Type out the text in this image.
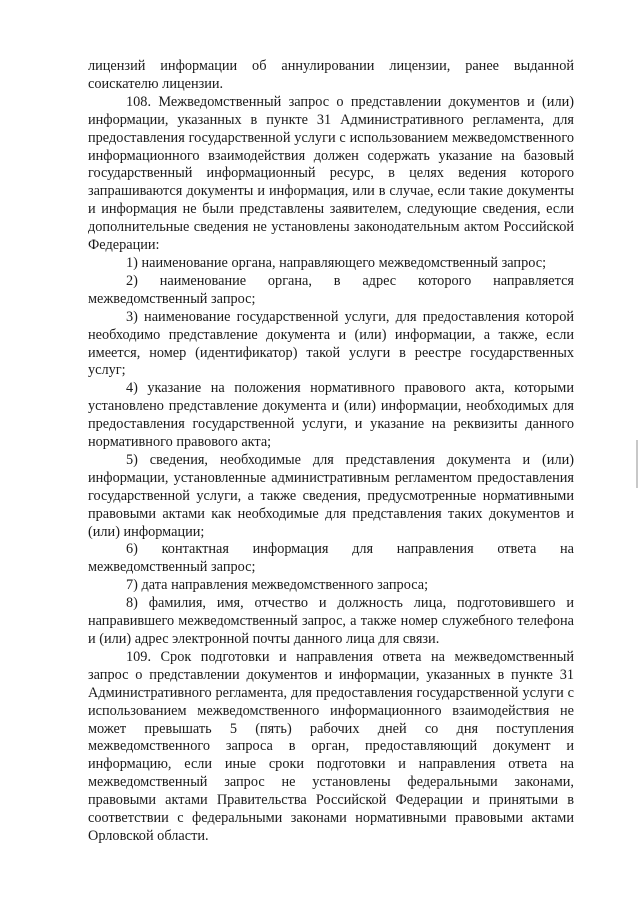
лицензий информации об аннулировании лицензии, ранее выданной соискателю лицензии.

108. Межведомственный запрос о представлении документов и (или) информации, указанных в пункте 31 Административного регламента, для предоставления государственной услуги с использованием межведомственного информационного взаимодействия должен содержать указание на базовый государственный информационный ресурс, в целях ведения которого запрашиваются документы и информация, или в случае, если такие документы и информация не были представлены заявителем, следующие сведения, если дополнительные сведения не установлены законодательным актом Российской Федерации:

1) наименование органа, направляющего межведомственный запрос;

2) наименование органа, в адрес которого направляется межведомственный запрос;

3) наименование государственной услуги, для предоставления которой необходимо представление документа и (или) информации, а также, если имеется, номер (идентификатор) такой услуги в реестре государственных услуг;

4) указание на положения нормативного правового акта, которыми установлено представление документа и (или) информации, необходимых для предоставления государственной услуги, и указание на реквизиты данного нормативного правового акта;

5) сведения, необходимые для представления документа и (или) информации, установленные административным регламентом предоставления государственной услуги, а также сведения, предусмотренные нормативными правовыми актами как необходимые для представления таких документов и (или) информации;

6) контактная информация для направления ответа на межведомственный запрос;

7) дата направления межведомственного запроса;

8) фамилия, имя, отчество и должность лица, подготовившего и направившего межведомственный запрос, а также номер служебного телефона и (или) адрес электронной почты данного лица для связи.

109. Срок подготовки и направления ответа на межведомственный запрос о представлении документов и информации, указанных в пункте 31 Административного регламента, для предоставления государственной услуги с использованием межведомственного информационного взаимодействия не может превышать 5 (пять) рабочих дней со дня поступления межведомственного запроса в орган, предоставляющий документ и информацию, если иные сроки подготовки и направления ответа на межведомственный запрос не установлены федеральными законами, правовыми актами Правительства Российской Федерации и принятыми в соответствии с федеральными законами нормативными правовыми актами Орловской области.
